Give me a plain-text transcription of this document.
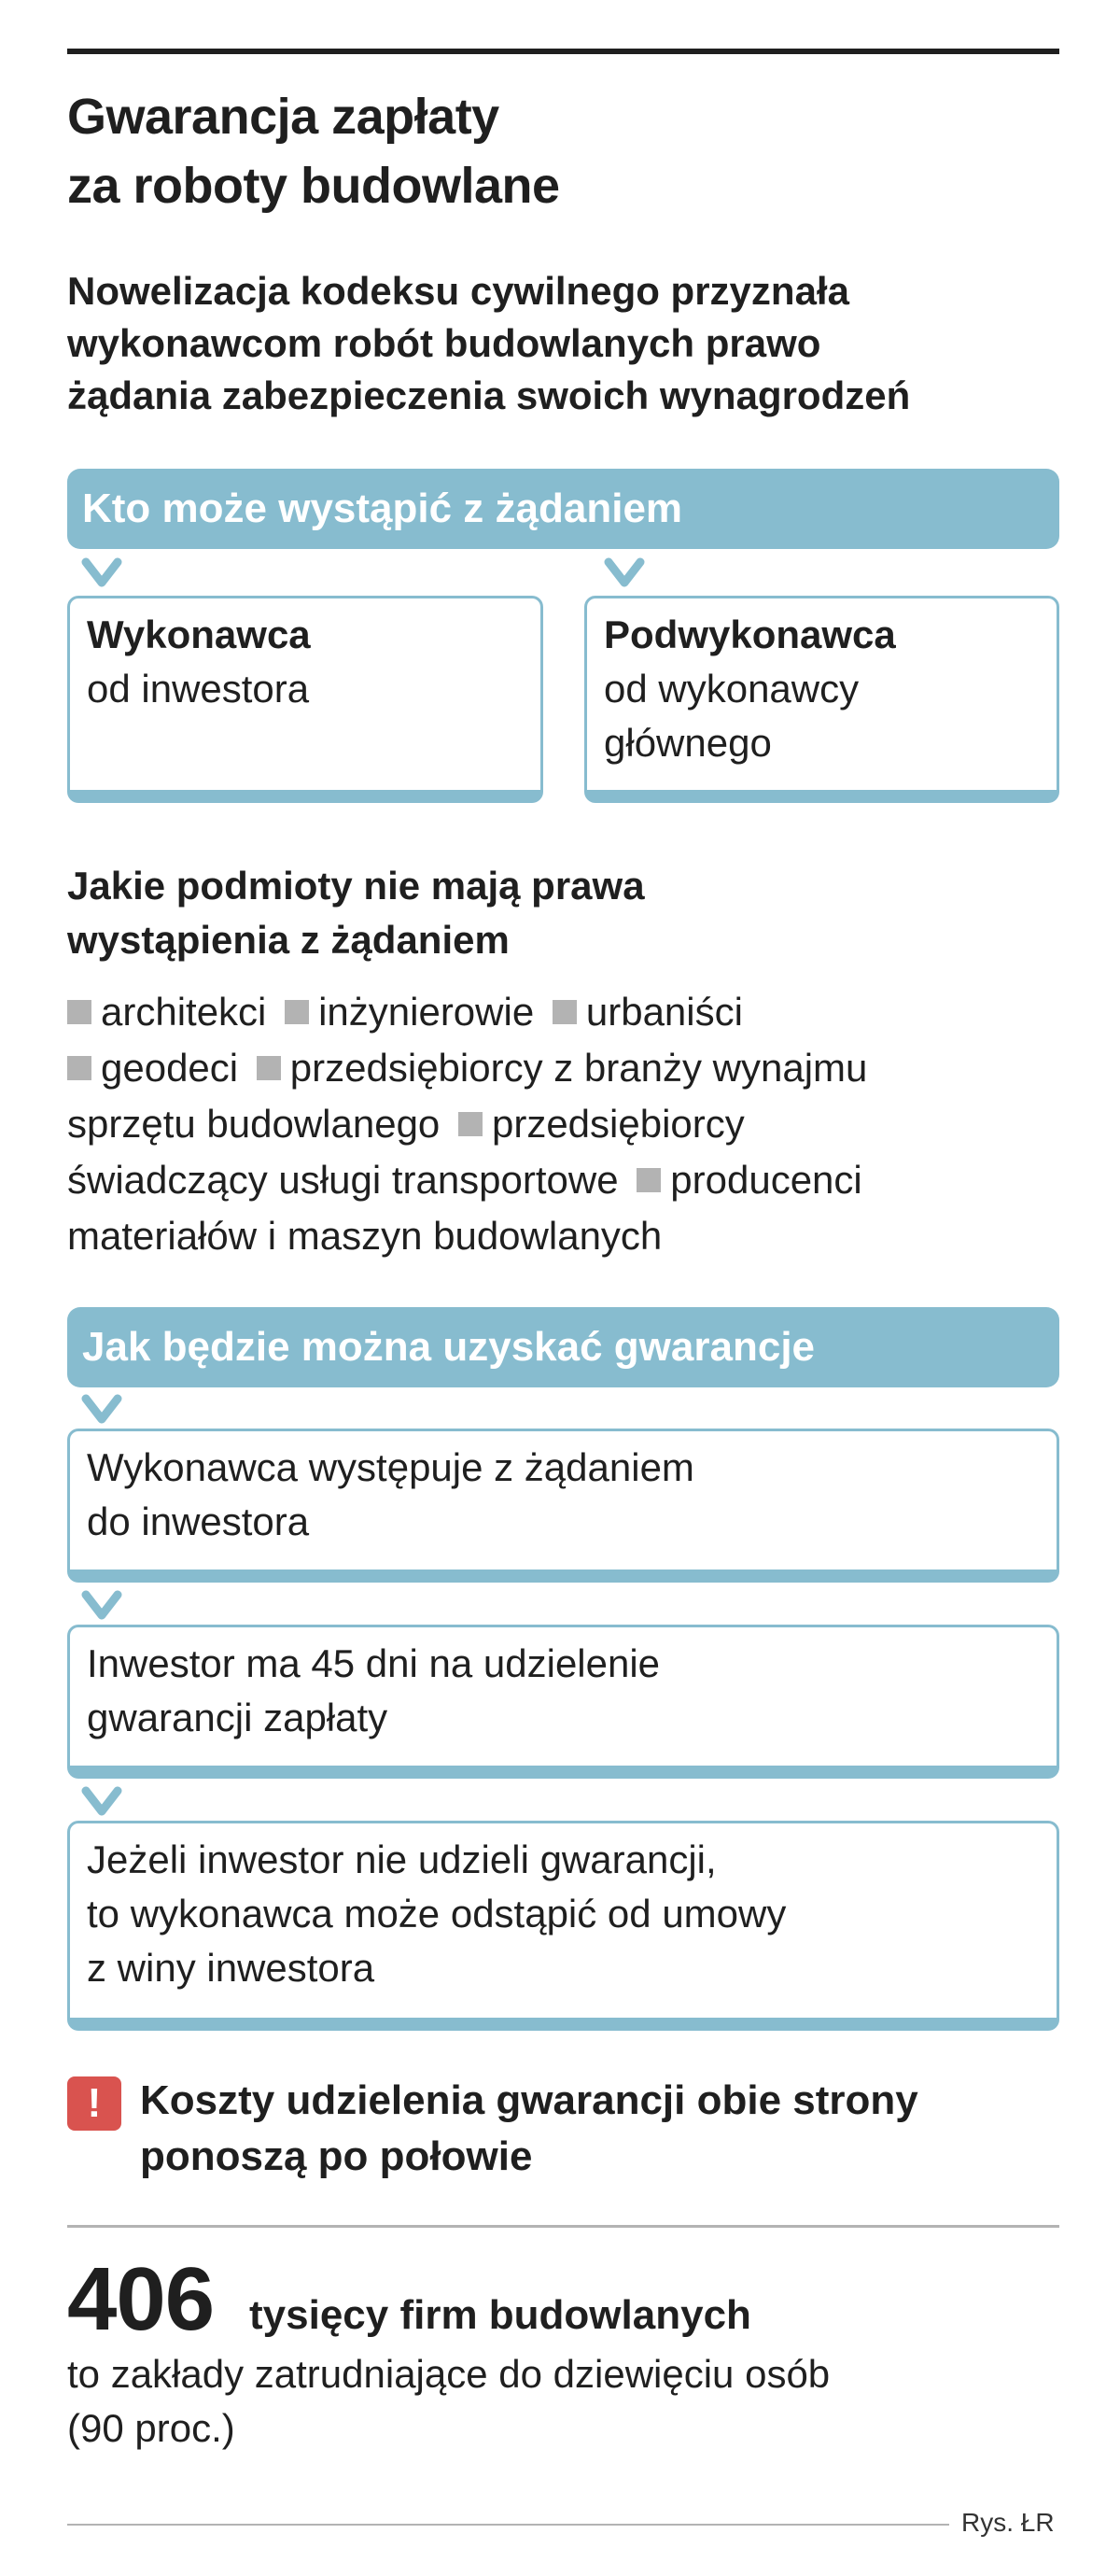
Gwarancja zapłaty
za roboty budowlane
Nowelizacja kodeksu cywilnego przyznała
wykonawcom robót budowlanych prawo
żądania zabezpieczenia swoich wynagrodzeń
Kto może wystąpić z żądaniem
Wykonawca
od inwestora
Podwykonawca
od wykonawcy
głównego
Jakie podmioty nie mają prawa
wystąpienia z żądaniem
architekci inżynierowie urbaniści
geodeci przedsiębiorcy z branży wynajmu
sprzętu budowlanego przedsiębiorcy
świadczący usługi transportowe producenci
materiałów i maszyn budowlanych
Jak będzie można uzyskać gwarancje
Wykonawca występuje z żądaniem
do inwestora
Inwestor ma 45 dni na udzielenie
gwarancji zapłaty
Jeżeli inwestor nie udzieli gwarancji,
to wykonawca może odstąpić od umowy
z winy inwestora
! Koszty udzielenia gwarancji obie strony
ponoszą po połowie
406 tysięcy firm budowlanych
to zakłady zatrudniające do dziewięciu osób
(90 proc.)
Rys. ŁR
